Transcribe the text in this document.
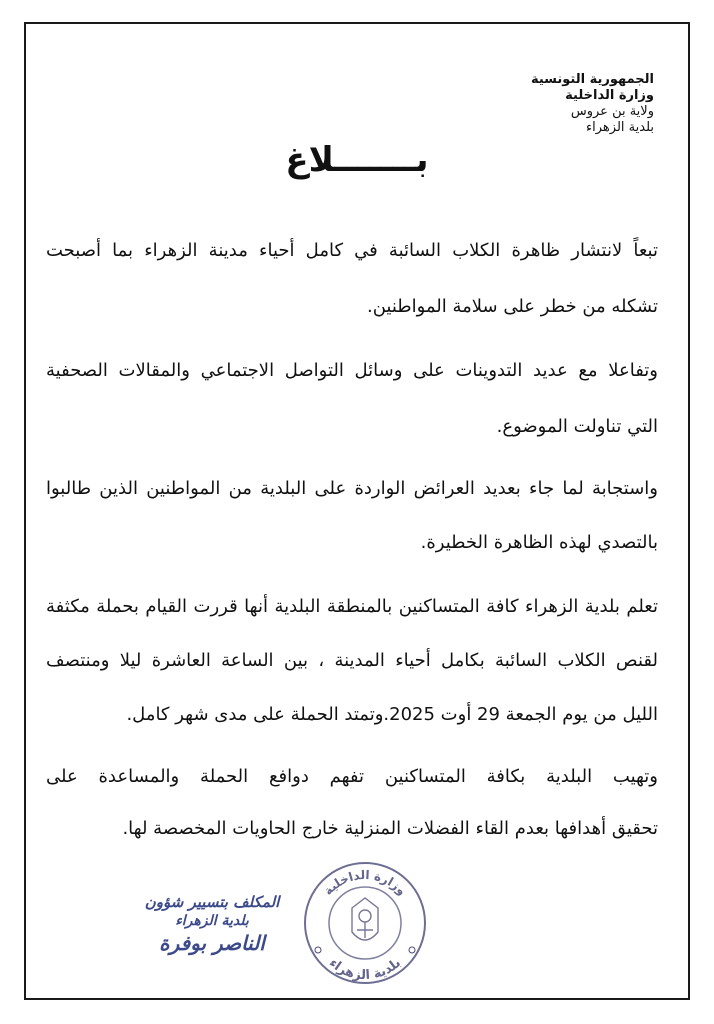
الجمهورية التونسية
وزارة الداخلية
ولاية بن عروس
بلدية الزهراء
بـــــــلاغ
تبعاً لانتشار ظاهرة الكلاب السائبة في كامل أحياء مدينة الزهراء بما أصبحت
تشكله من خطر على سلامة المواطنين.
وتفاعلا مع عديد التدوينات على وسائل التواصل الاجتماعي والمقالات الصحفية
التي تناولت الموضوع.
واستجابة لما جاء بعديد العرائض الواردة على البلدية من المواطنين الذين طالبوا
بالتصدي لهذه الظاهرة الخطيرة.
تعلم بلدية الزهراء كافة المتساكنين بالمنطقة البلدية أنها قررت القيام بحملة مكثفة
لقنص الكلاب السائبة بكامل أحياء المدينة ، بين الساعة العاشرة ليلا ومنتصف
الليل من يوم الجمعة 29 أوت 2025.وتمتد الحملة على مدى شهر كامل.
وتهيب البلدية بكافة المتساكنين تفهم دوافع الحملة والمساعدة على
تحقيق أهدافها بعدم القاء الفضلات المنزلية خارج الحاويات المخصصة لها.
المكلف بتسيير شؤون
بلدية الزهراء
الناصر بوفرة
وزارة الداخلية
بلدية الزهراء
